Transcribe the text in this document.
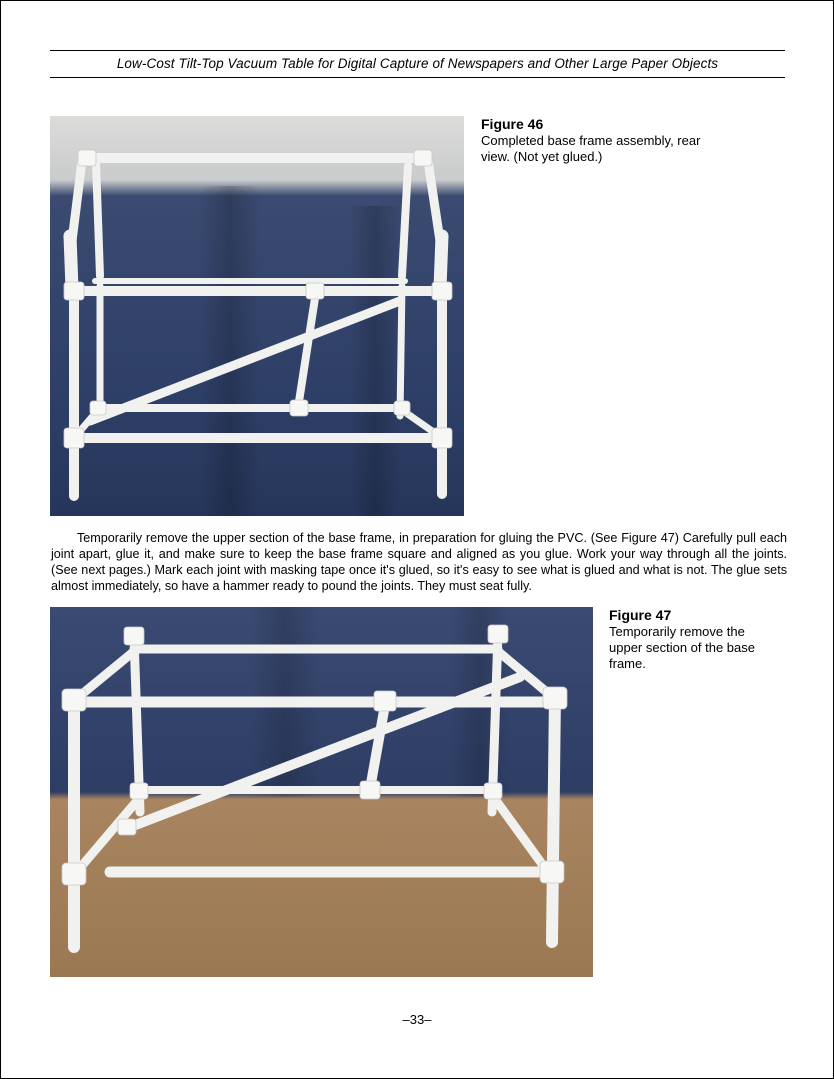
Low-Cost Tilt-Top Vacuum Table for Digital Capture of Newspapers and Other Large Paper Objects
Figure 46
Completed base frame assembly, rear view. (Not yet glued.)
Temporarily remove the upper section of the base frame, in preparation for gluing the PVC. (See Figure 47) Carefully pull each joint apart, glue it, and make sure to keep the base frame square and aligned as you glue. Work your way through all the joints. (See next pages.) Mark each joint with masking tape once it's glued, so it's easy to see what is glued and what is not. The glue sets almost immediately, so have a hammer ready to pound the joints. They must seat fully.
Figure 47
Temporarily remove the upper section of the base frame.
–33–
